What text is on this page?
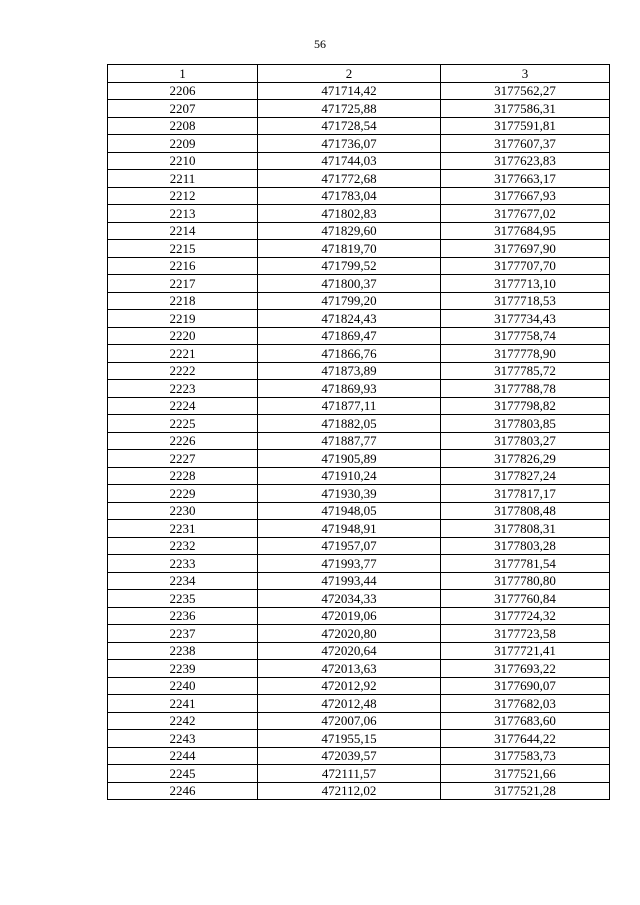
56
1	2	3
2206	471714,42	3177562,27
2207	471725,88	3177586,31
2208	471728,54	3177591,81
2209	471736,07	3177607,37
2210	471744,03	3177623,83
2211	471772,68	3177663,17
2212	471783,04	3177667,93
2213	471802,83	3177677,02
2214	471829,60	3177684,95
2215	471819,70	3177697,90
2216	471799,52	3177707,70
2217	471800,37	3177713,10
2218	471799,20	3177718,53
2219	471824,43	3177734,43
2220	471869,47	3177758,74
2221	471866,76	3177778,90
2222	471873,89	3177785,72
2223	471869,93	3177788,78
2224	471877,11	3177798,82
2225	471882,05	3177803,85
2226	471887,77	3177803,27
2227	471905,89	3177826,29
2228	471910,24	3177827,24
2229	471930,39	3177817,17
2230	471948,05	3177808,48
2231	471948,91	3177808,31
2232	471957,07	3177803,28
2233	471993,77	3177781,54
2234	471993,44	3177780,80
2235	472034,33	3177760,84
2236	472019,06	3177724,32
2237	472020,80	3177723,58
2238	472020,64	3177721,41
2239	472013,63	3177693,22
2240	472012,92	3177690,07
2241	472012,48	3177682,03
2242	472007,06	3177683,60
2243	471955,15	3177644,22
2244	472039,57	3177583,73
2245	472111,57	3177521,66
2246	472112,02	3177521,28
